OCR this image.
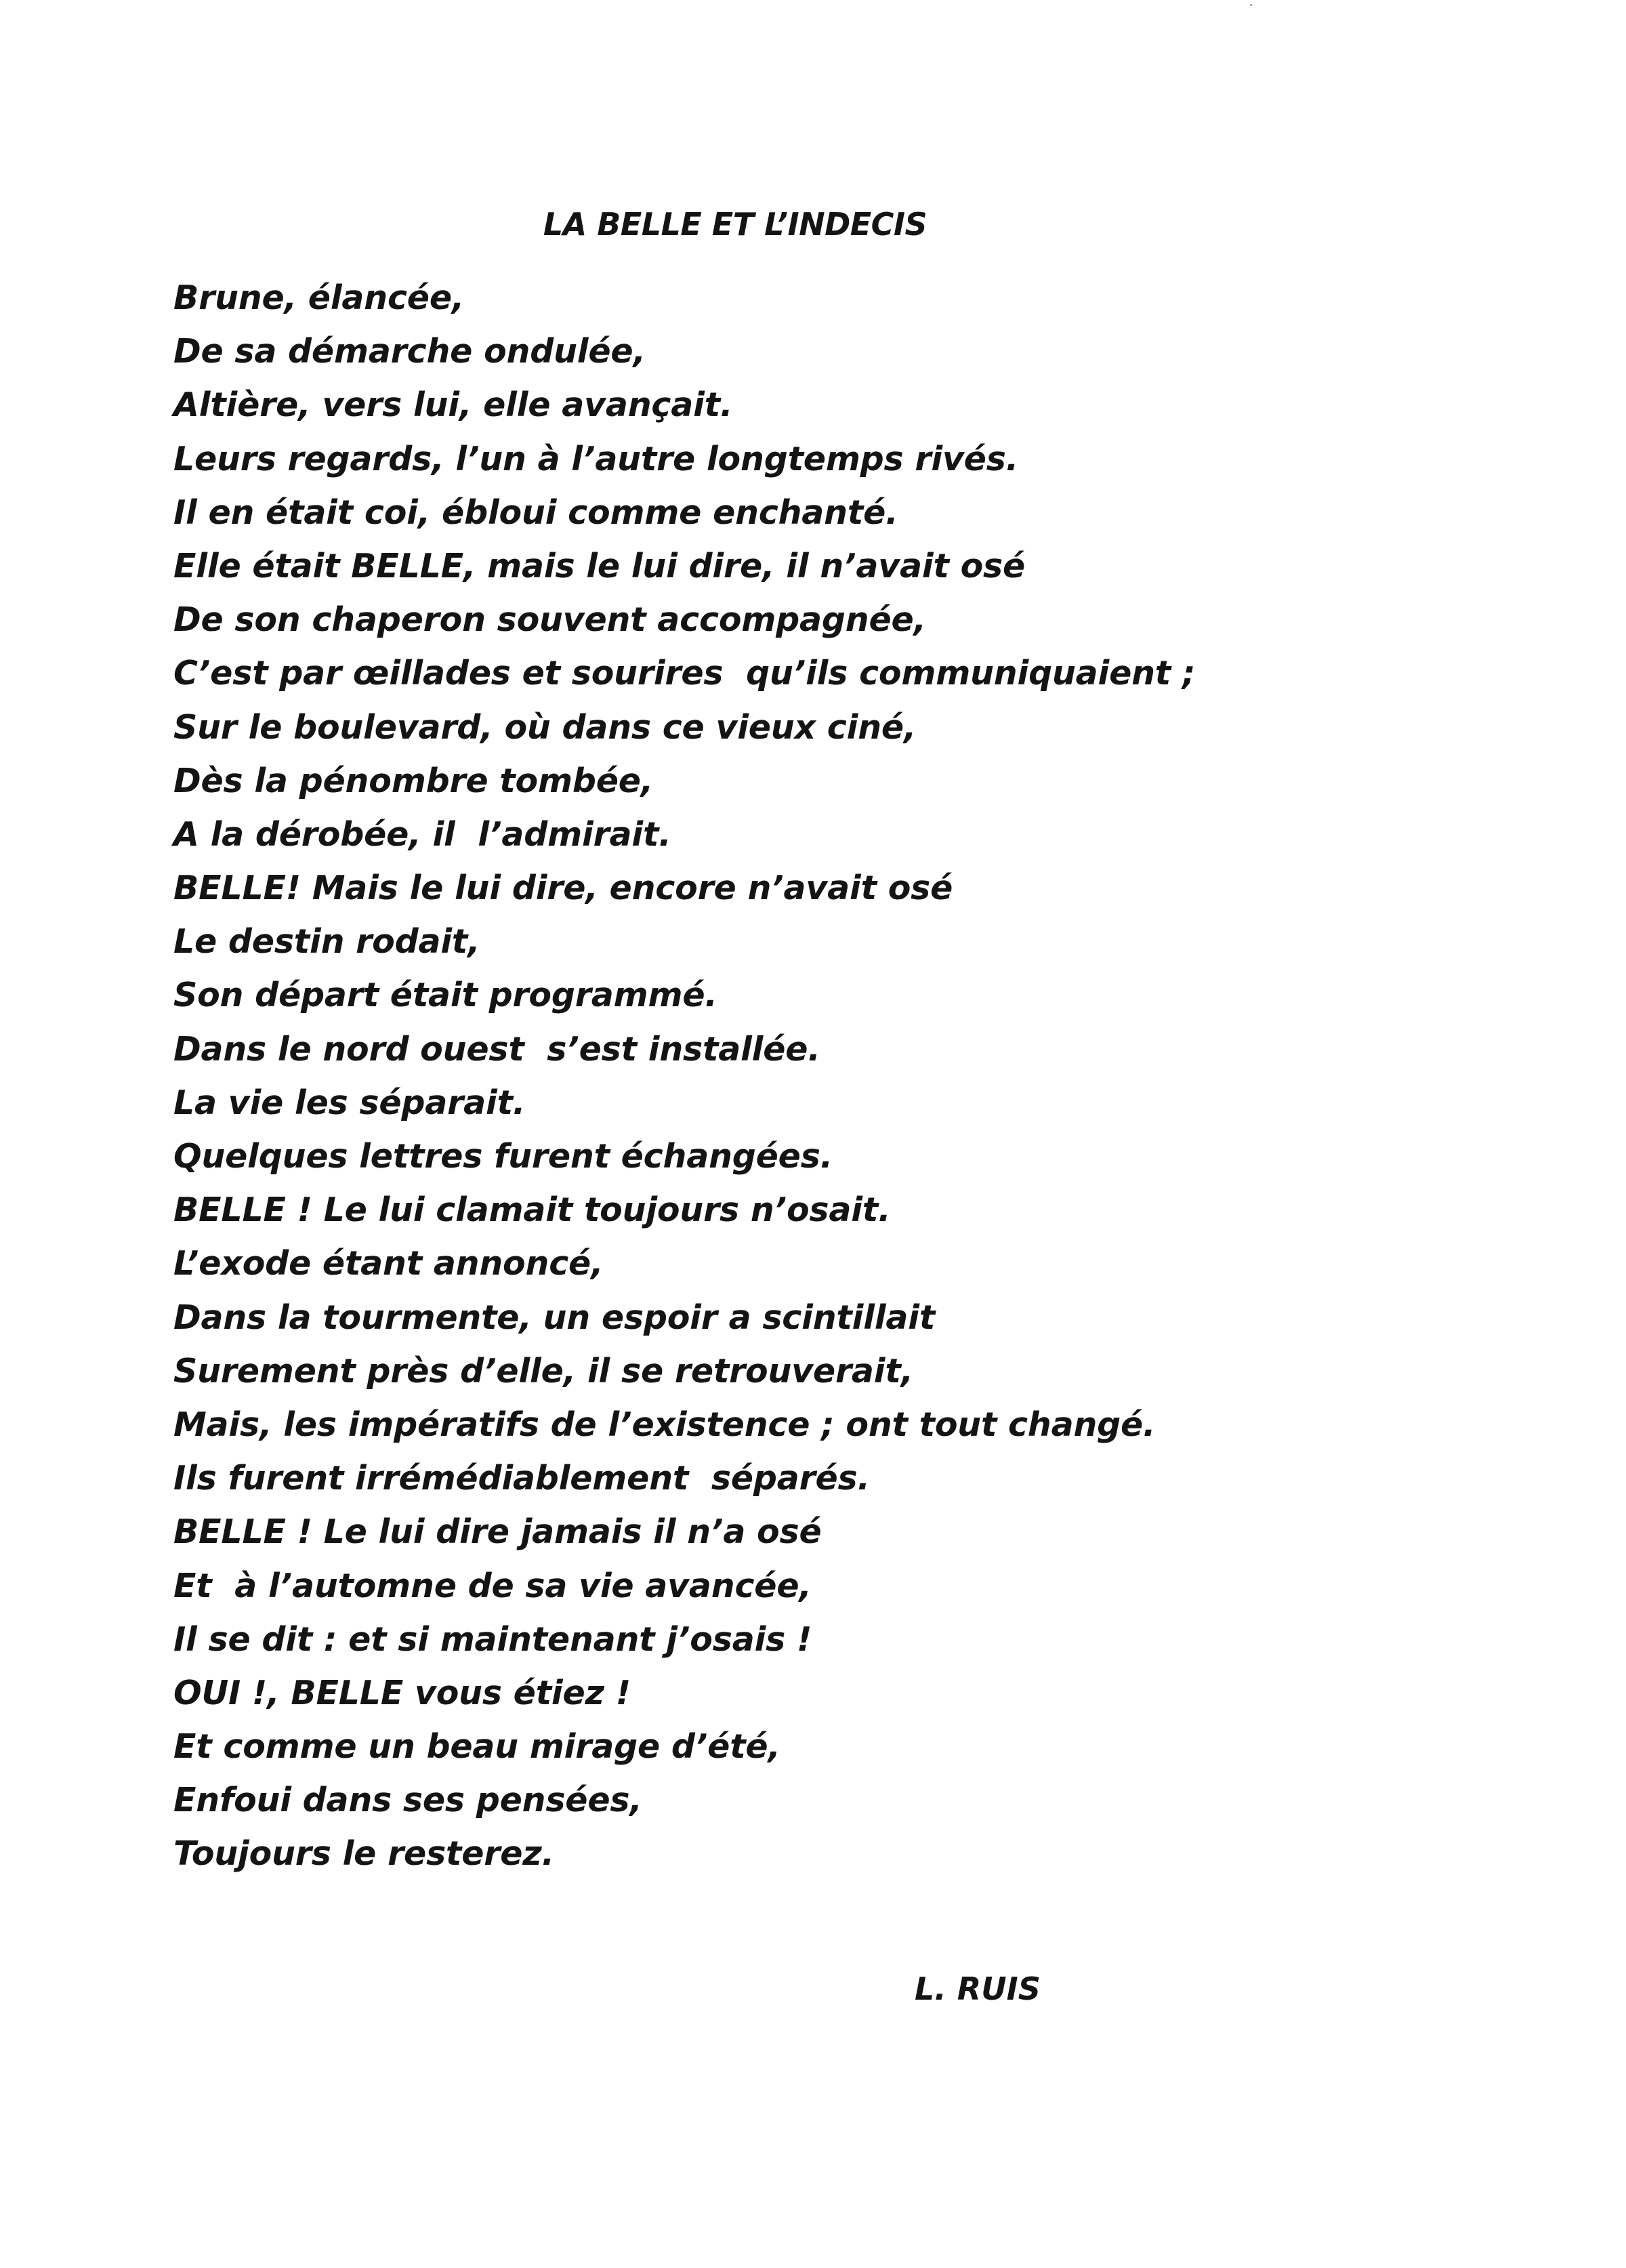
LA BELLE ET L’INDECIS
Brune, élancée,
De sa démarche ondulée,
Altière, vers lui, elle avançait.
Leurs regards, l’un à l’autre longtemps rivés.
Il en était coi, ébloui comme enchanté.
Elle était BELLE, mais le lui dire, il n’avait osé
De son chaperon souvent accompagnée,
C’est par œillades et sourires  qu’ils communiquaient ;
Sur le boulevard, où dans ce vieux ciné,
Dès la pénombre tombée,
A la dérobée, il  l’admirait.
BELLE! Mais le lui dire, encore n’avait osé
Le destin rodait,
Son départ était programmé.
Dans le nord ouest  s’est installée.
La vie les séparait.
Quelques lettres furent échangées.
BELLE ! Le lui clamait toujours n’osait.
L’exode étant annoncé,
Dans la tourmente, un espoir a scintillait
Surement près d’elle, il se retrouverait,
Mais, les impératifs de l’existence ; ont tout changé.
Ils furent irrémédiablement  séparés.
BELLE ! Le lui dire jamais il n’a osé
Et  à l’automne de sa vie avancée,
Il se dit : et si maintenant j’osais !
OUI !, BELLE vous étiez !
Et comme un beau mirage d’été,
Enfoui dans ses pensées,
Toujours le resterez.
L. RUIS
